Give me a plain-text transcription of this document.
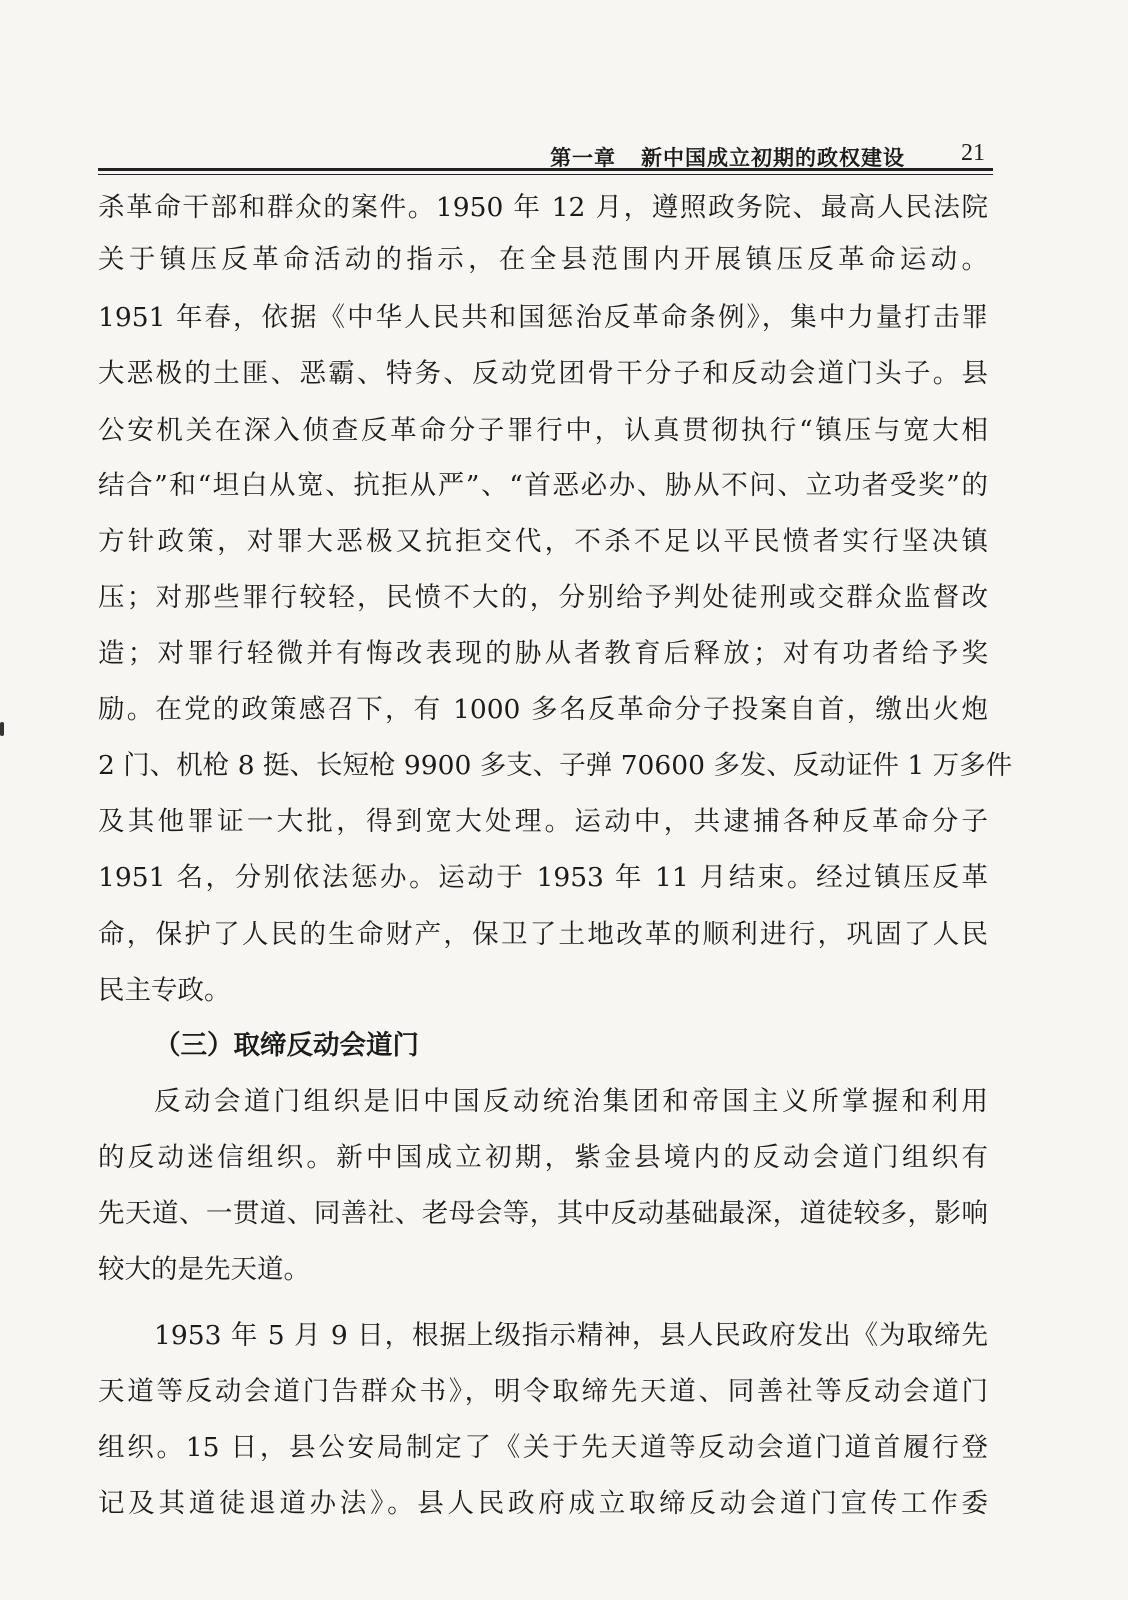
第一章   新中国成立初期的政权建设 21
杀革命干部和群众的案件。1950 年 12 月，遵照政务院、最高人民法院
关于镇压反革命活动的指示，在全县范围内开展镇压反革命运动。
1951 年春，依据《中华人民共和国惩治反革命条例》，集中力量打击罪
大恶极的土匪、恶霸、特务、反动党团骨干分子和反动会道门头子。县
公安机关在深入侦查反革命分子罪行中，认真贯彻执行“镇压与宽大相
结合”和“坦白从宽、抗拒从严”、“首恶必办、胁从不问、立功者受奖”的
方针政策，对罪大恶极又抗拒交代，不杀不足以平民愤者实行坚决镇
压；对那些罪行较轻，民愤不大的，分别给予判处徒刑或交群众监督改
造；对罪行轻微并有悔改表现的胁从者教育后释放；对有功者给予奖
励。在党的政策感召下，有 1000 多名反革命分子投案自首，缴出火炮
2 门、机枪 8 挺、长短枪 9900 多支、子弹 70600 多发、反动证件 1 万多件
及其他罪证一大批，得到宽大处理。运动中，共逮捕各种反革命分子
1951 名，分别依法惩办。运动于 1953 年 11 月结束。经过镇压反革
命，保护了人民的生命财产，保卫了土地改革的顺利进行，巩固了人民
民主专政。
（三）取缔反动会道门
反动会道门组织是旧中国反动统治集团和帝国主义所掌握和利用
的反动迷信组织。新中国成立初期，紫金县境内的反动会道门组织有
先天道、一贯道、同善社、老母会等，其中反动基础最深，道徒较多，影响
较大的是先天道。
1953 年 5 月 9 日，根据上级指示精神，县人民政府发出《为取缔先
天道等反动会道门告群众书》，明令取缔先天道、同善社等反动会道门
组织。15 日，县公安局制定了《关于先天道等反动会道门道首履行登
记及其道徒退道办法》。县人民政府成立取缔反动会道门宣传工作委
